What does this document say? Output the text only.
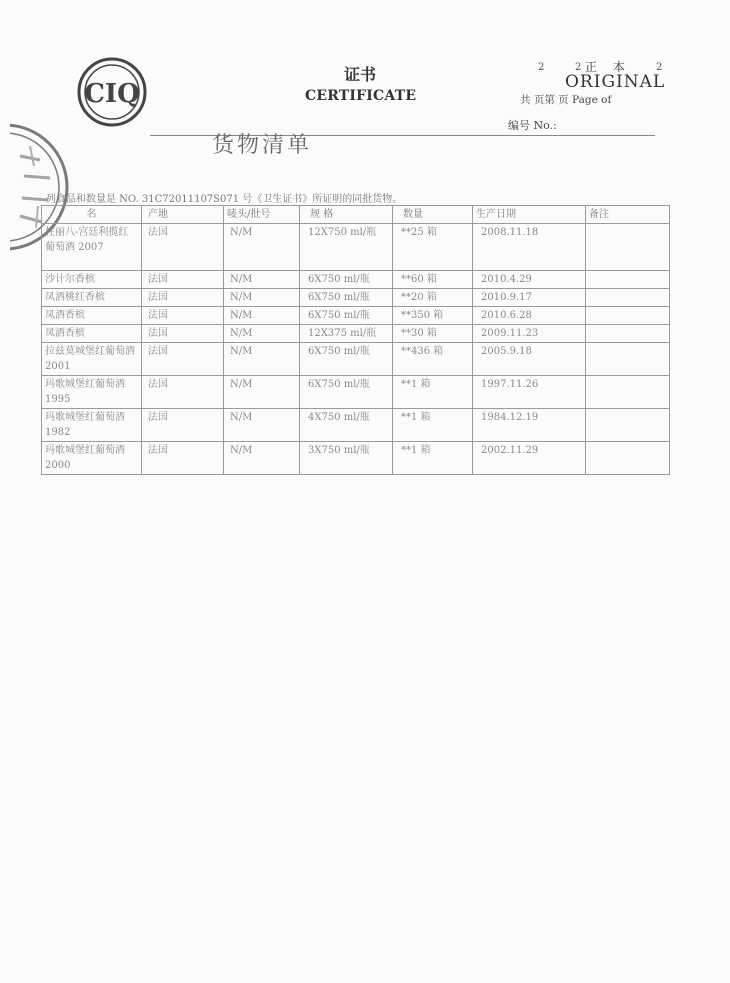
CIQ
证书
CERTIFICATE
2	2	2
正 本
ORIGINAL
共 页第 页 Page of
编号 No.:
货物清单
列食品和数量是 NO. 31C72011107S071 号《卫生证书》所证明的同批货物。
名	产地	唛头/批号	规 格	数量	生产日期	备注
柱丽八-宫廷利揽红葡萄酒 2007	法国	N/M	12X750 ml/瓶	**25 箱	2008.11.18	
沙计尔香槟	法国	N/M	6X750 ml/瓶	**60 箱	2010.4.29	
凤酒桃红香槟	法国	N/M	6X750 ml/瓶	**20 箱	2010.9.17	
凤酒香槟	法国	N/M	6X750 ml/瓶	**350 箱	2010.6.28	
凤酒香槟	法国	N/M	12X375 ml/瓶	**30 箱	2009.11.23	
拉兹莫城堡红葡萄酒 2001	法国	N/M	6X750 ml/瓶	**436 箱	2005.9.18	
玛歌城堡红葡萄酒 1995	法国	N/M	6X750 ml/瓶	**1 箱	1997.11.26	
玛歌城堡红葡萄酒 1982	法国	N/M	4X750 ml/瓶	**1 箱	1984.12.19	
玛歌城堡红葡萄酒 2000	法国	N/M	3X750 ml/瓶	**1 箱	2002.11.29	
